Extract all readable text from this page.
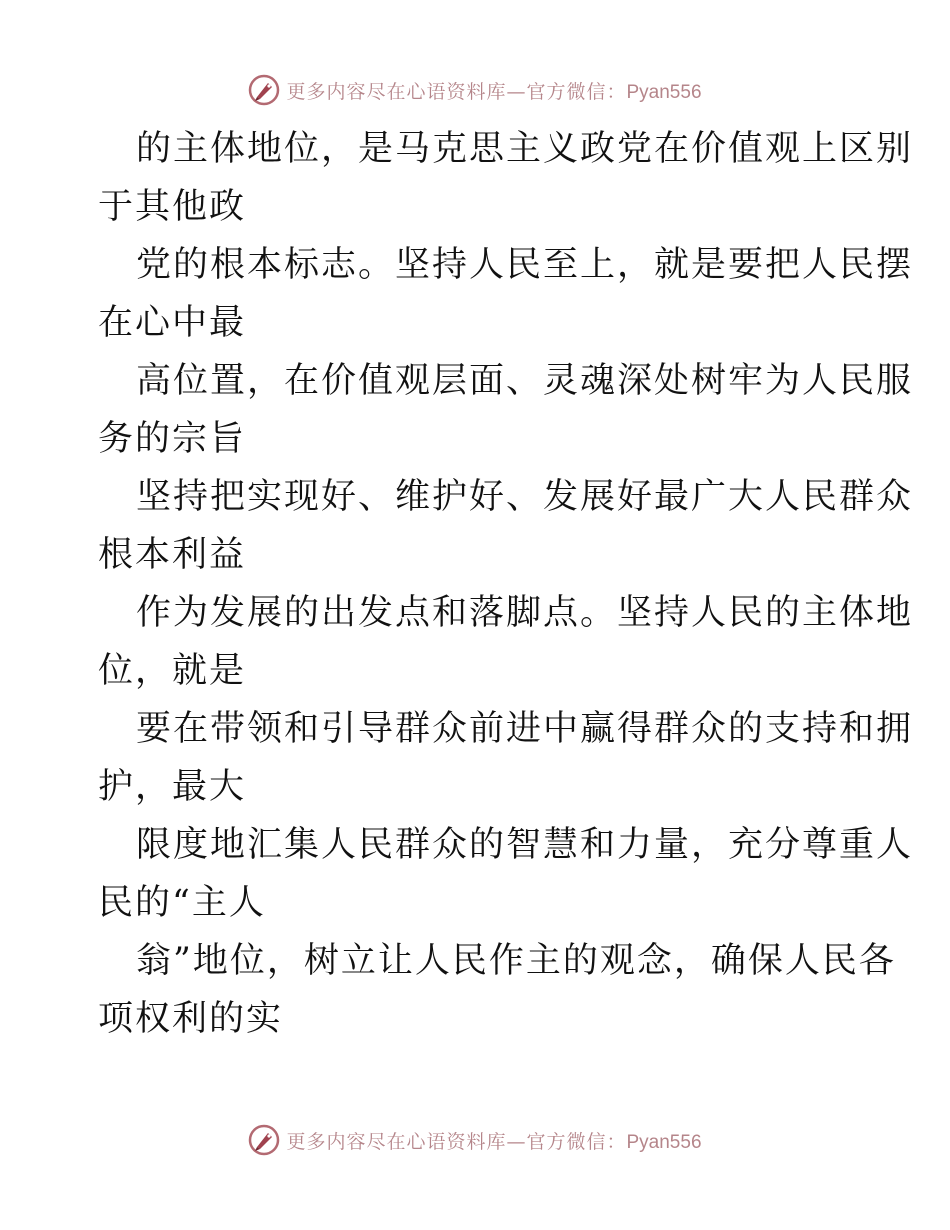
更多内容尽在心语资料库—官方微信：Pyan556

的主体地位，是马克思主义政党在价值观上区别

于其他政

党的根本标志。坚持人民至上，就是要把人民摆

在心中最

高位置，在价值观层面、灵魂深处树牢为人民服

务的宗旨

坚持把实现好、维护好、发展好最广大人民群众

根本利益

作为发展的出发点和落脚点。坚持人民的主体地

位，就是

要在带领和引导群众前进中赢得群众的支持和拥

护，最大

限度地汇集人民群众的智慧和力量，充分尊重人

民的“主人

翁”地位，树立让人民作主的观念，确保人民各

项权利的实

更多内容尽在心语资料库—官方微信：Pyan556
